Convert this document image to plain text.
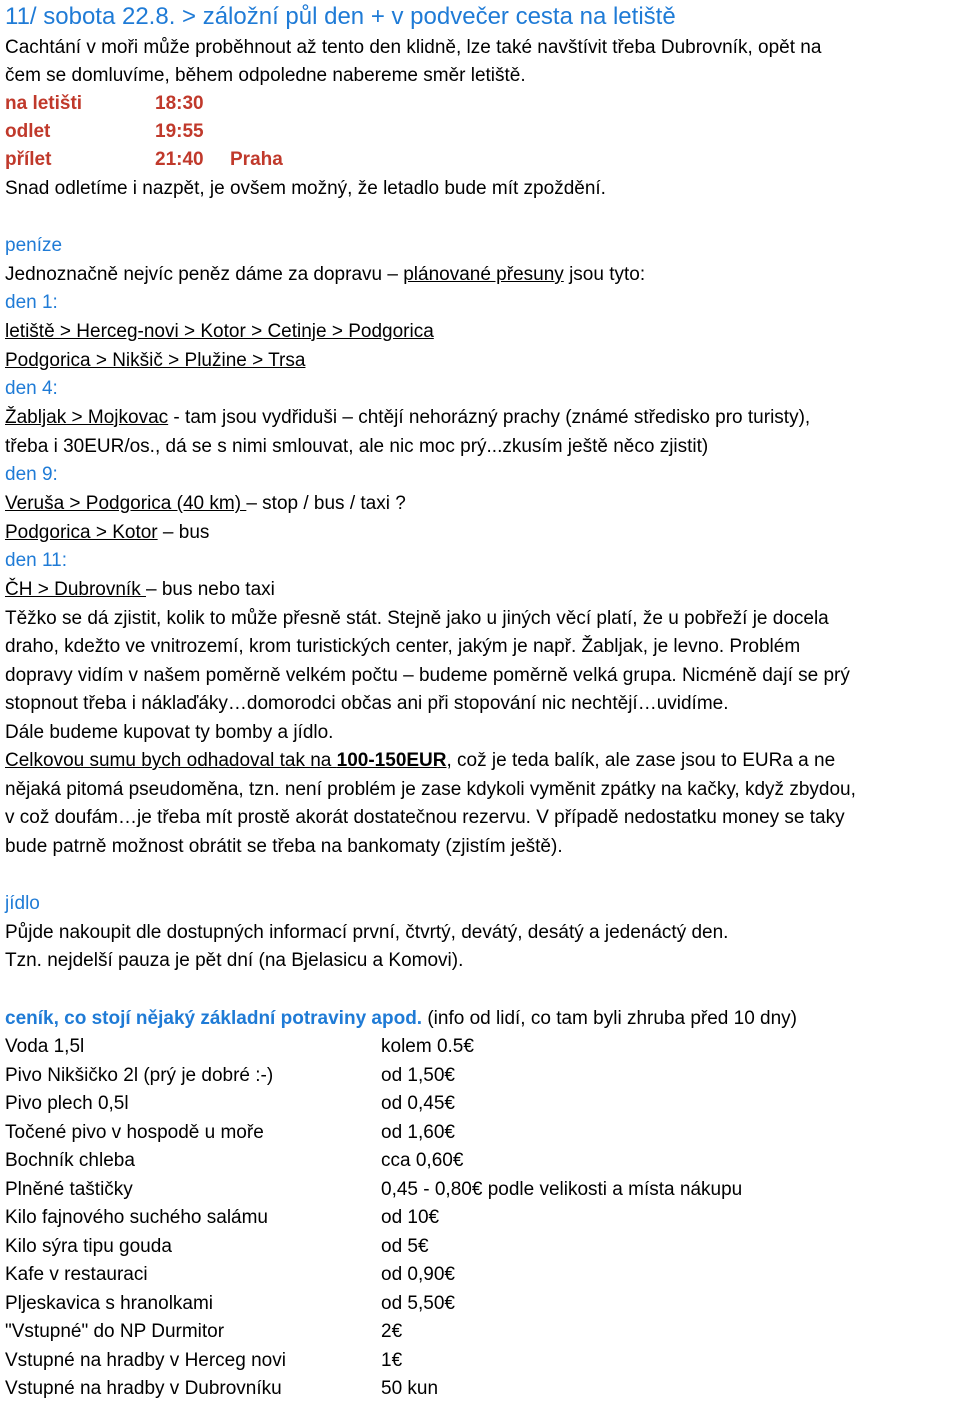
11/ sobota 22.8. > záložní půl den + v podvečer cesta na letiště
Cachtání v moři může proběhnout až tento den klidně, lze také navštívit třeba Dubrovník, opět na
čem se domluvíme, během odpoledne nabereme směr letiště.
na letišti	18:30
odlet	19:55
přílet	21:40 Praha
Snad odletíme i nazpět, je ovšem možný, že letadlo bude mít zpoždění.
peníze
Jednoznačně nejvíc peněz dáme za dopravu – plánované přesuny jsou tyto:
den 1:
letiště > Herceg-novi > Kotor > Cetinje > Podgorica
Podgorica > Nikšič > Plužine > Trsa
den 4:
Žabljak > Mojkovac - tam jsou vydřiduši – chtějí nehorázný prachy (známé středisko pro turisty),
třeba i 30EUR/os., dá se s nimi smlouvat, ale nic moc prý...zkusím ještě něco zjistit)
den 9:
Veruša > Podgorica (40 km) – stop / bus / taxi ?
Podgorica > Kotor – bus
den 11:
ČH > Dubrovník – bus nebo taxi
Těžko se dá zjistit, kolik to může přesně stát. Stejně jako u jiných věcí platí, že u pobřeží je docela
draho, kdežto ve vnitrozemí, krom turistických center, jakým je např. Žabljak, je levno. Problém
dopravy vidím v našem poměrně velkém počtu – budeme poměrně velká grupa. Nicméně dají se prý
stopnout třeba i náklaďáky…domorodci občas ani při stopování nic nechtějí…uvidíme.
Dále budeme kupovat ty bomby a jídlo.
Celkovou sumu bych odhadoval tak na 100-150EUR, což je teda balík, ale zase jsou to EURa a ne
nějaká pitomá pseudoměna, tzn. není problém je zase kdykoli vyměnit zpátky na kačky, když zbydou,
v což doufám…je třeba mít prostě akorát dostatečnou rezervu. V případě nedostatku money se taky
bude patrně možnost obrátit se třeba na bankomaty (zjistím ještě).
jídlo
Půjde nakoupit dle dostupných informací první, čtvrtý, devátý, desátý a jedenáctý den.
Tzn. nejdelší pauza je pět dní (na Bjelasicu a Komovi).
ceník, co stojí nějaký základní potraviny apod. (info od lidí, co tam byli zhruba před 10 dny)
Voda 1,5l	kolem 0.5€
Pivo Nikšičko 2l (prý je dobré :-)	od 1,50€
Pivo plech 0,5l	od 0,45€
Točené pivo v hospodě u moře	od 1,60€
Bochník chleba	cca 0,60€
Plněné taštičky	0,45 - 0,80€ podle velikosti a místa nákupu
Kilo fajnového suchého salámu	od 10€
Kilo sýra tipu gouda	od 5€
Kafe v restauraci	od 0,90€
Pljeskavica s hranolkami	od 5,50€
"Vstupné" do NP Durmitor	2€
Vstupné na hradby v Herceg novi	1€
Vstupné na hradby v Dubrovníku	50 kun
